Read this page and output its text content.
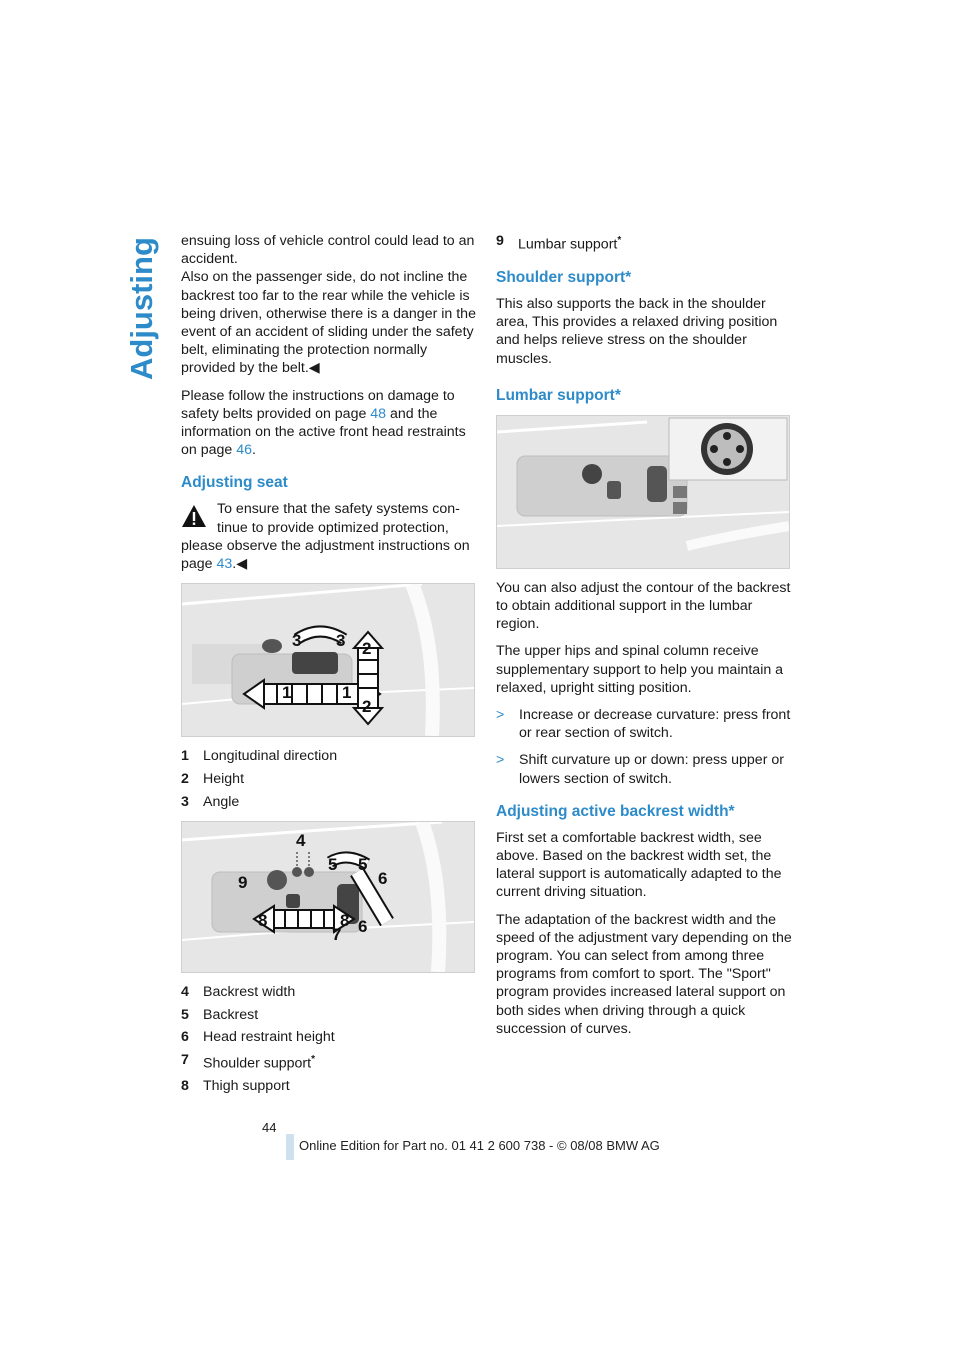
Adjusting ensuing loss of vehicle control could lead to an accident.
Also on the passenger side, do not incline the backrest too far to the rear while the vehicle is being driven, otherwise there is a danger in the event of an accident of sliding under the safety belt, eliminating the protection normally provided by the belt.◀

Please follow the instructions on damage to safety belts provided on page 48 and the information on the active front head restraints on page 46.

Adjusting seat
To ensure that the safety systems con-
tinue to provide optimized protection,

please observe the adjustment instructions on page 43.◀

1	1
2
2
3 3
1 Longitudinal direction
2 Height
3 Angle
4
5 5
6
6
7
8	8
9
4 Backrest width
5 Backrest
6 Head restraint height
7 Shoulder support*
8 Thigh support
9 Lumbar support*
Shoulder support*

This also supports the back in the shoulder area, This provides a relaxed driving position and helps relieve stress on the shoulder muscles.

Lumbar support*

You can also adjust the contour of the backrest to obtain additional support in the lumbar region.

The upper hips and spinal column receive supplementary support to help you maintain a relaxed, upright sitting position.

> Increase or decrease curvature: press front or rear section of switch.
> Shift curvature up or down: press upper or lowers section of switch.
Adjusting active backrest width*

First set a comfortable backrest width, see above. Based on the backrest width set, the lateral support is automatically adapted to the current driving situation.

The adaptation of the backrest width and the speed of the adjustment vary depending on the program. You can select from among three programs from comfort to sport. The "Sport" program provides increased lateral support on both sides when driving through a quick succession of curves.

44
Online Edition for Part no. 01 41 2 600 738 - © 08/08 BMW AG
